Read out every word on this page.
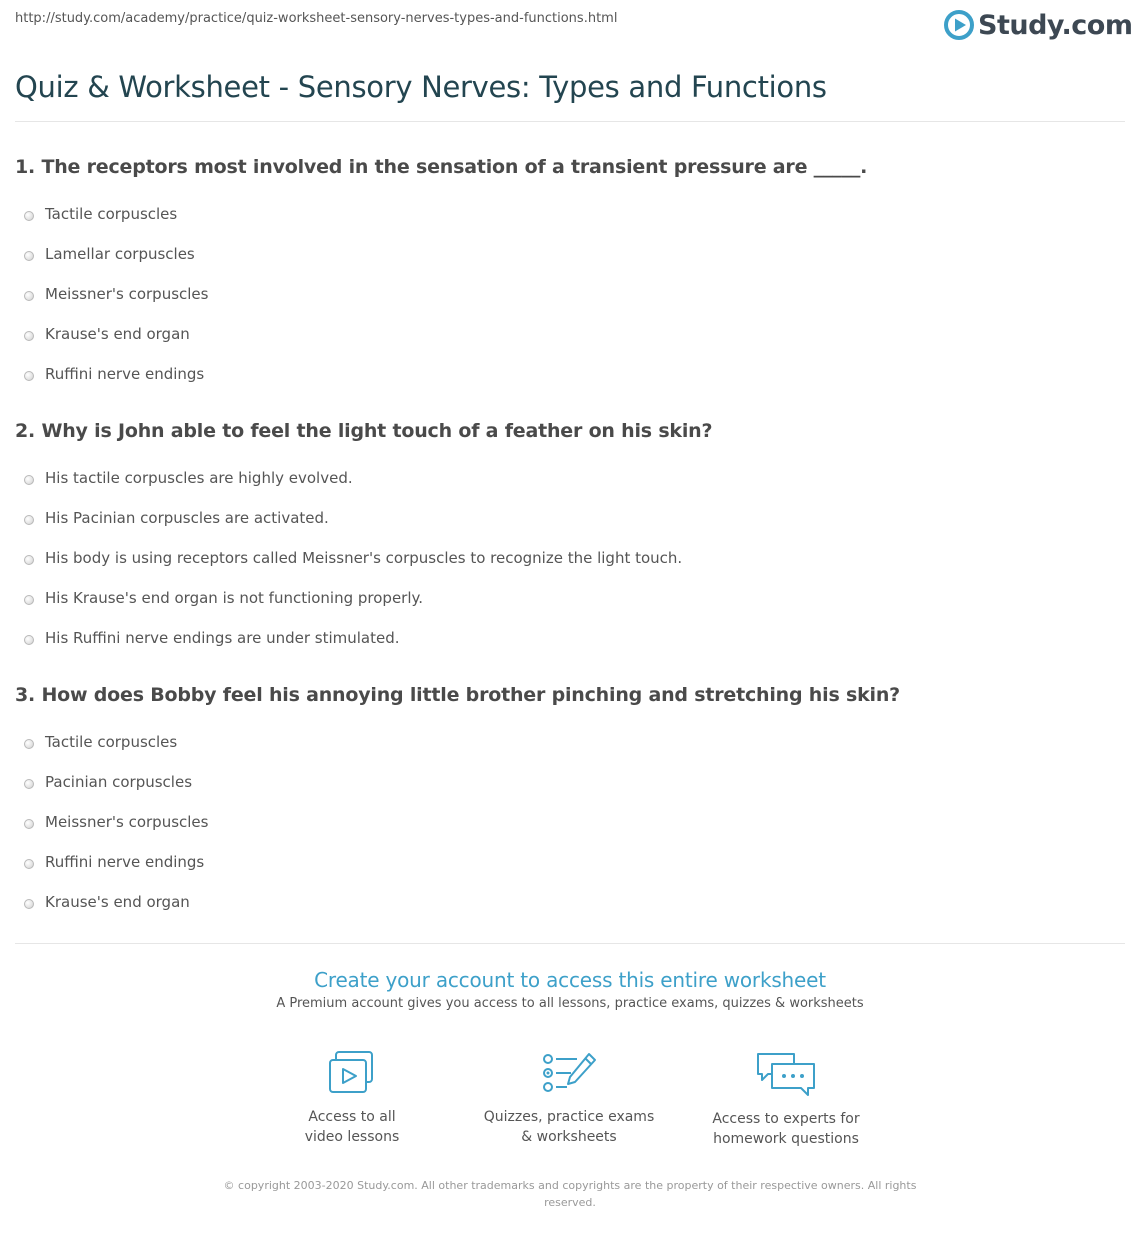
http://study.com/academy/practice/quiz-worksheet-sensory-nerves-types-and-functions.html	Study.com
Quiz & Worksheet - Sensory Nerves: Types and Functions
1. The receptors most involved in the sensation of a transient pressure are _____.
Tactile corpuscles
Lamellar corpuscles
Meissner's corpuscles
Krause's end organ
Ruffini nerve endings
2. Why is John able to feel the light touch of a feather on his skin?
His tactile corpuscles are highly evolved.
His Pacinian corpuscles are activated.
His body is using receptors called Meissner's corpuscles to recognize the light touch.
His Krause's end organ is not functioning properly.
His Ruffini nerve endings are under stimulated.
3. How does Bobby feel his annoying little brother pinching and stretching his skin?
Tactile corpuscles
Pacinian corpuscles
Meissner's corpuscles
Ruffini nerve endings
Krause's end organ
Create your account to access this entire worksheet
A Premium account gives you access to all lessons, practice exams, quizzes & worksheets
Access to all
video lessons
Quizzes, practice exams
& worksheets
Access to experts for
homework questions
© copyright 2003-2020 Study.com. All other trademarks and copyrights are the property of their respective owners. All rights reserved.
